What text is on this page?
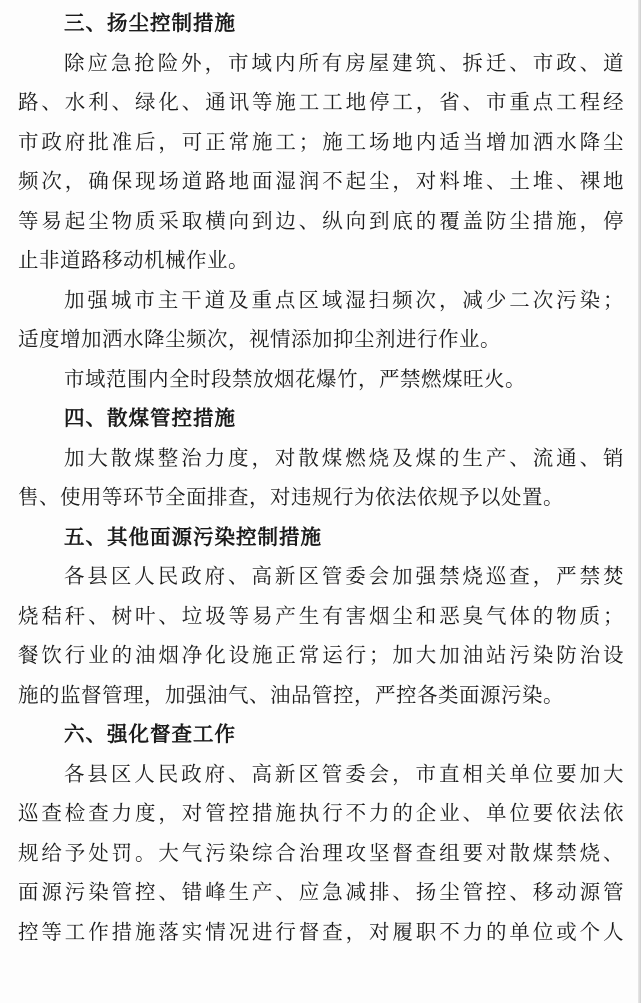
三、扬尘控制措施
除应急抢险外，市域内所有房屋建筑、拆迁、市政、道
路、水利、绿化、通讯等施工工地停工，省、市重点工程经
市政府批准后，可正常施工；施工场地内适当增加洒水降尘
频次，确保现场道路地面湿润不起尘，对料堆、土堆、裸地
等易起尘物质采取横向到边、纵向到底的覆盖防尘措施，停
止非道路移动机械作业。
加强城市主干道及重点区域湿扫频次，减少二次污染；
适度增加洒水降尘频次，视情添加抑尘剂进行作业。
市域范围内全时段禁放烟花爆竹，严禁燃煤旺火。
四、散煤管控措施
加大散煤整治力度，对散煤燃烧及煤的生产、流通、销
售、使用等环节全面排查，对违规行为依法依规予以处置。
五、其他面源污染控制措施
各县区人民政府、高新区管委会加强禁烧巡查，严禁焚
烧秸秆、树叶、垃圾等易产生有害烟尘和恶臭气体的物质；
餐饮行业的油烟净化设施正常运行；加大加油站污染防治设
施的监督管理，加强油气、油品管控，严控各类面源污染。
六、强化督查工作
各县区人民政府、高新区管委会，市直相关单位要加大
巡查检查力度，对管控措施执行不力的企业、单位要依法依
规给予处罚。大气污染综合治理攻坚督查组要对散煤禁烧、
面源污染管控、错峰生产、应急减排、扬尘管控、移动源管
控等工作措施落实情况进行督查，对履职不力的单位或个人
